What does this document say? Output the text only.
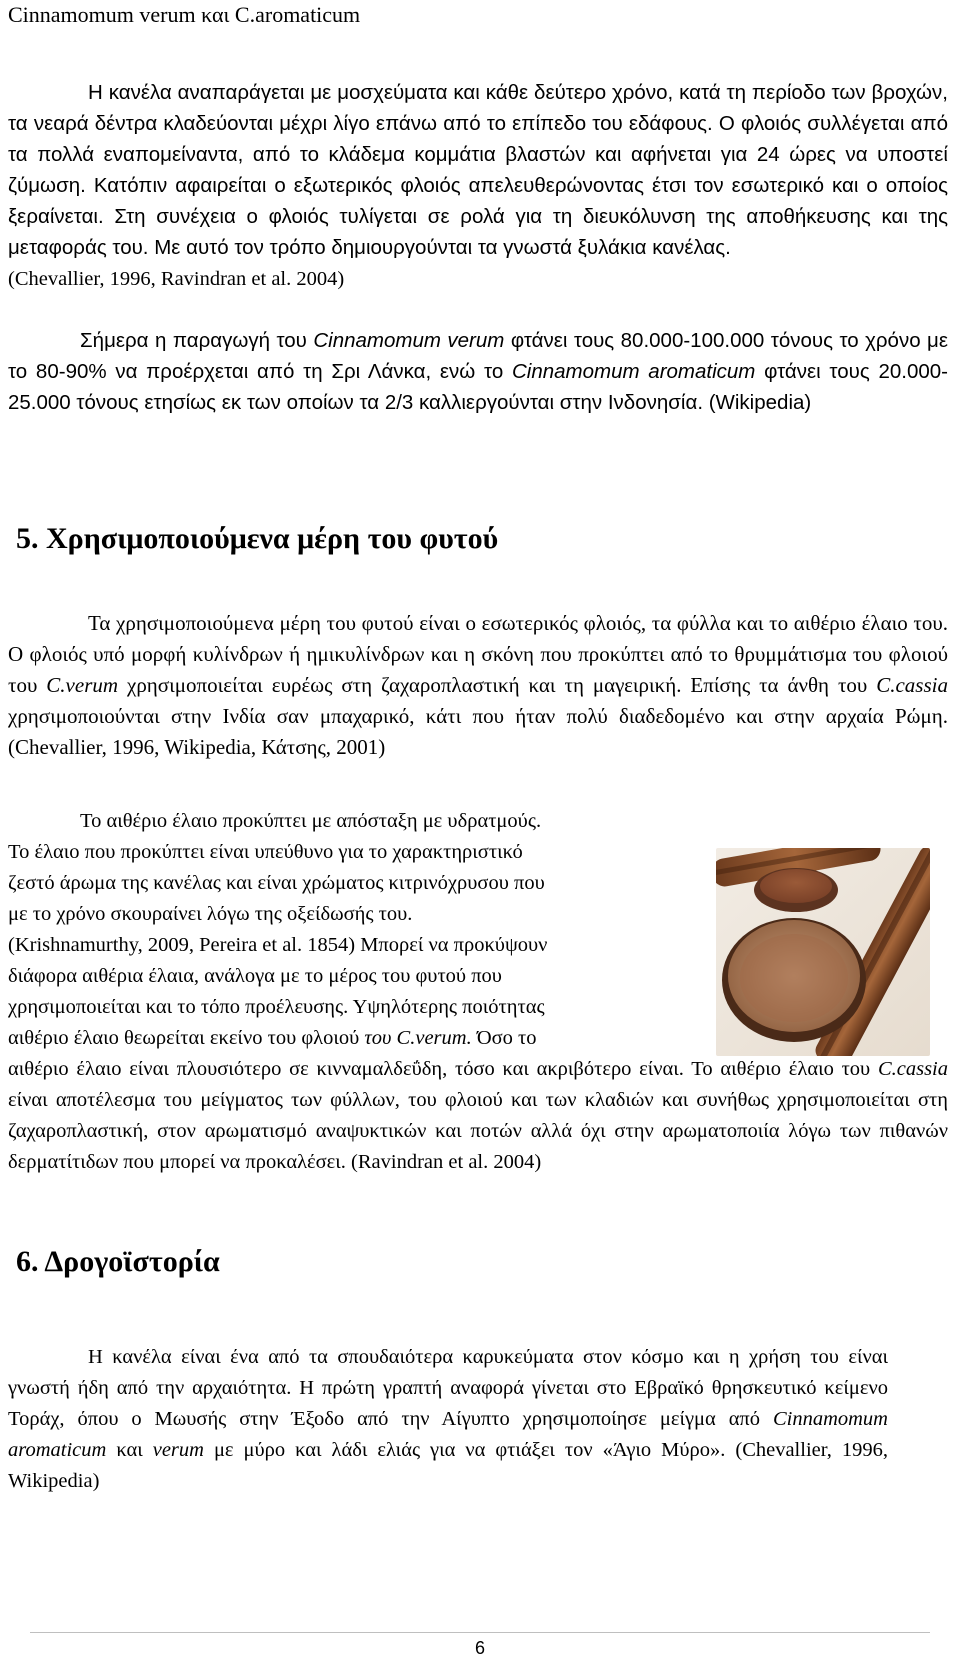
Cinnamomum verum και C.aromaticum

Η κανέλα αναπαράγεται με μοσχεύματα και κάθε δεύτερο χρόνο, κατά τη περίοδο των βροχών, τα νεαρά δέντρα κλαδεύονται μέχρι λίγο επάνω από το επίπεδο του εδάφους. Ο φλοιός συλλέγεται από τα πολλά εναπομείναντα, από το κλάδεμα κομμάτια βλαστών και αφήνεται για 24 ώρες να υποστεί ζύμωση. Κατόπιν αφαιρείται ο εξωτερικός φλοιός απελευθερώνοντας έτσι τον εσωτερικό και ο οποίος ξεραίνεται. Στη συνέχεια ο φλοιός τυλίγεται σε ρολά για τη διευκόλυνση της αποθήκευσης και της μεταφοράς του. Με αυτό τον τρόπο δημιουργούνται τα γνωστά ξυλάκια κανέλας.
(Chevallier, 1996, Ravindran et al. 2004)

Σήμερα η παραγωγή του Cinnamomum verum φτάνει τους 80.000-100.000 τόνους το χρόνο με το 80-90% να προέρχεται από τη Σρι Λάνκα, ενώ το Cinnamomum aromaticum φτάνει τους 20.000-25.000 τόνους ετησίως εκ των οποίων τα 2/3 καλλιεργούνται στην Ινδονησία. (Wikipedia)

5. Χρησιμοποιούμενα μέρη του φυτού

Τα χρησιμοποιούμενα μέρη του φυτού είναι ο εσωτερικός φλοιός, τα φύλλα και το αιθέριο έλαιο του. Ο φλοιός υπό μορφή κυλίνδρων ή ημικυλίνδρων και η σκόνη που προκύπτει από το θρυμμάτισμα του φλοιού του C.verum χρησιμοποιείται ευρέως στη ζαχαροπλαστική και τη μαγειρική. Επίσης τα άνθη του C.cassia χρησιμοποιούνται στην Ινδία σαν μπαχαρικό, κάτι που ήταν πολύ διαδεδομένο και στην αρχαία Ρώμη. (Chevallier, 1996, Wikipedia, Κάτσης, 2001)

Το αιθέριο έλαιο προκύπτει με απόσταξη με υδρατμούς.
Το έλαιο που προκύπτει είναι υπεύθυνο για το χαρακτηριστικό
ζεστό άρωμα της κανέλας και είναι χρώματος κιτρινόχρυσου που
με το χρόνο σκουραίνει λόγω της οξείδωσής του.
(Krishnamurthy, 2009, Pereira et al. 1854) Μπορεί να προκύψουν
διάφορα αιθέρια έλαια, ανάλογα με το μέρος του φυτού που
χρησιμοποιείται και το τόπο προέλευσης. Υψηλότερης ποιότητας
αιθέριο έλαιο θεωρείται εκείνο του φλοιού του C.verum. Όσο το

αιθέριο έλαιο είναι πλουσιότερο σε κινναμαλδεΰδη, τόσο και ακριβότερο είναι. Το αιθέριο έλαιο του C.cassia είναι αποτέλεσμα του μείγματος των φύλλων, του φλοιού και των κλαδιών και συνήθως χρησιμοποιείται στη ζαχαροπλαστική, στον αρωματισμό αναψυκτικών και ποτών αλλά όχι στην αρωματοποιία λόγω των πιθανών δερματίτιδων που μπορεί να προκαλέσει. (Ravindran et al. 2004)

6. Δρογοϊστορία

Η κανέλα είναι ένα από τα σπουδαιότερα καρυκεύματα στον κόσμο και η χρήση του είναι γνωστή ήδη από την αρχαιότητα. Η πρώτη γραπτή αναφορά γίνεται στο Εβραϊκό θρησκευτικό κείμενο Τοράχ, όπου ο Μωυσής στην Έξοδο από την Αίγυπτο χρησιμοποίησε μείγμα από Cinnamomum aromaticum και verum με μύρο και λάδι ελιάς για να φτιάξει τον «Άγιο Μύρο». (Chevallier, 1996, Wikipedia)

6
